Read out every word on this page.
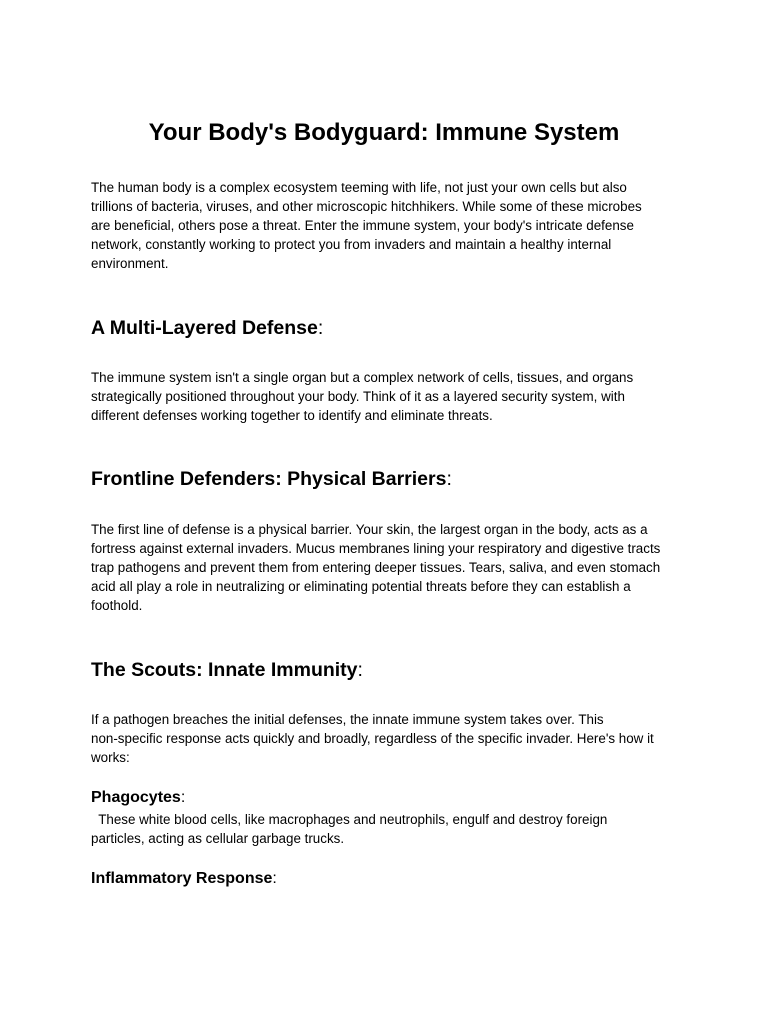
Your Body's Bodyguard: Immune System
The human body is a complex ecosystem teeming with life, not just your own cells but also
trillions of bacteria, viruses, and other microscopic hitchhikers. While some of these microbes
are beneficial, others pose a threat. Enter the immune system, your body's intricate defense
network, constantly working to protect you from invaders and maintain a healthy internal
environment.
A Multi-Layered Defense:
The immune system isn't a single organ but a complex network of cells, tissues, and organs
strategically positioned throughout your body. Think of it as a layered security system, with
different defenses working together to identify and eliminate threats.
Frontline Defenders: Physical Barriers:
The first line of defense is a physical barrier. Your skin, the largest organ in the body, acts as a
fortress against external invaders. Mucus membranes lining your respiratory and digestive tracts
trap pathogens and prevent them from entering deeper tissues. Tears, saliva, and even stomach
acid all play a role in neutralizing or eliminating potential threats before they can establish a
foothold.
The Scouts: Innate Immunity:
If a pathogen breaches the initial defenses, the innate immune system takes over. This
non-specific response acts quickly and broadly, regardless of the specific invader. Here's how it
works:
Phagocytes:
These white blood cells, like macrophages and neutrophils, engulf and destroy foreign
particles, acting as cellular garbage trucks.
Inflammatory Response:
